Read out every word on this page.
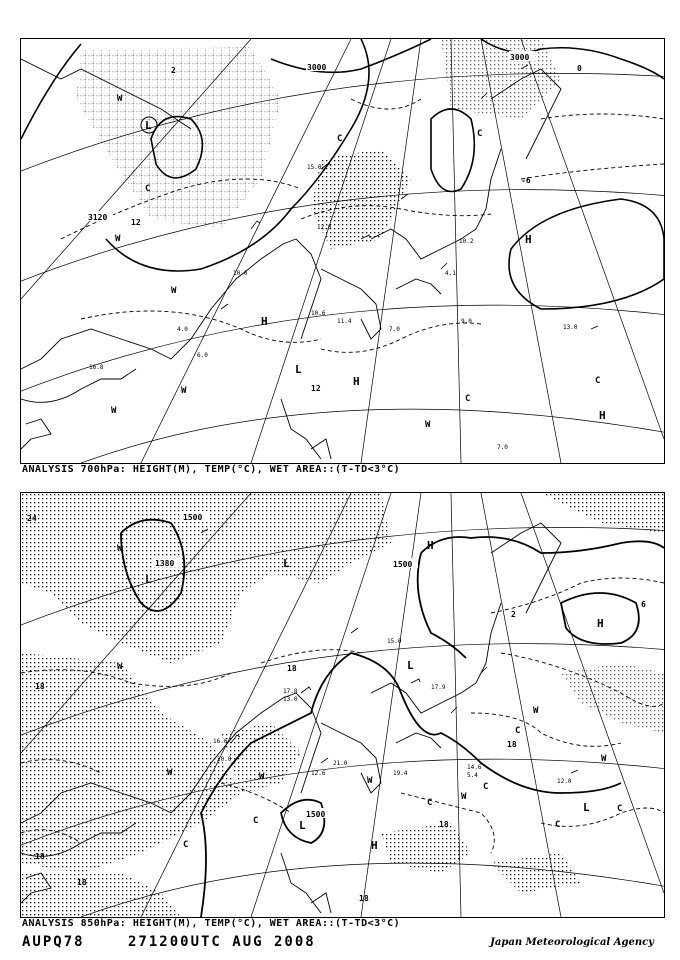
L
L
H
H
H
H
W
W
W
W
W
W
C
C	C
C
C
3000
3000
3120
12
12
2	0
-6
15.0
12.0
10.0
9.0
10.6
13.0
11.4
7.0
4.0
6.0
16.8
7.0
10.2
4.1
ANALYSIS 700hPa: HEIGHT(M), TEMP(°C), WET AREA::(T-TD<3°C)
L
L
L
L
L
H
H
H
W
W
W	W	W
W
W
W
C
C
C
C
C
C
C
1500
1500
1500
1380
24
18
18
18
18
18
18
18
2
6
17.8
13.0
20.0
12.6
21.0
16.6
17.9
15.0
14.6
5.4
19.4
12.0
ANALYSIS 850hPa: HEIGHT(M), TEMP(°C), WET AREA::(T-TD<3°C)
AUPQ78	271200UTC AUG 2008	Japan Meteorological Agency
